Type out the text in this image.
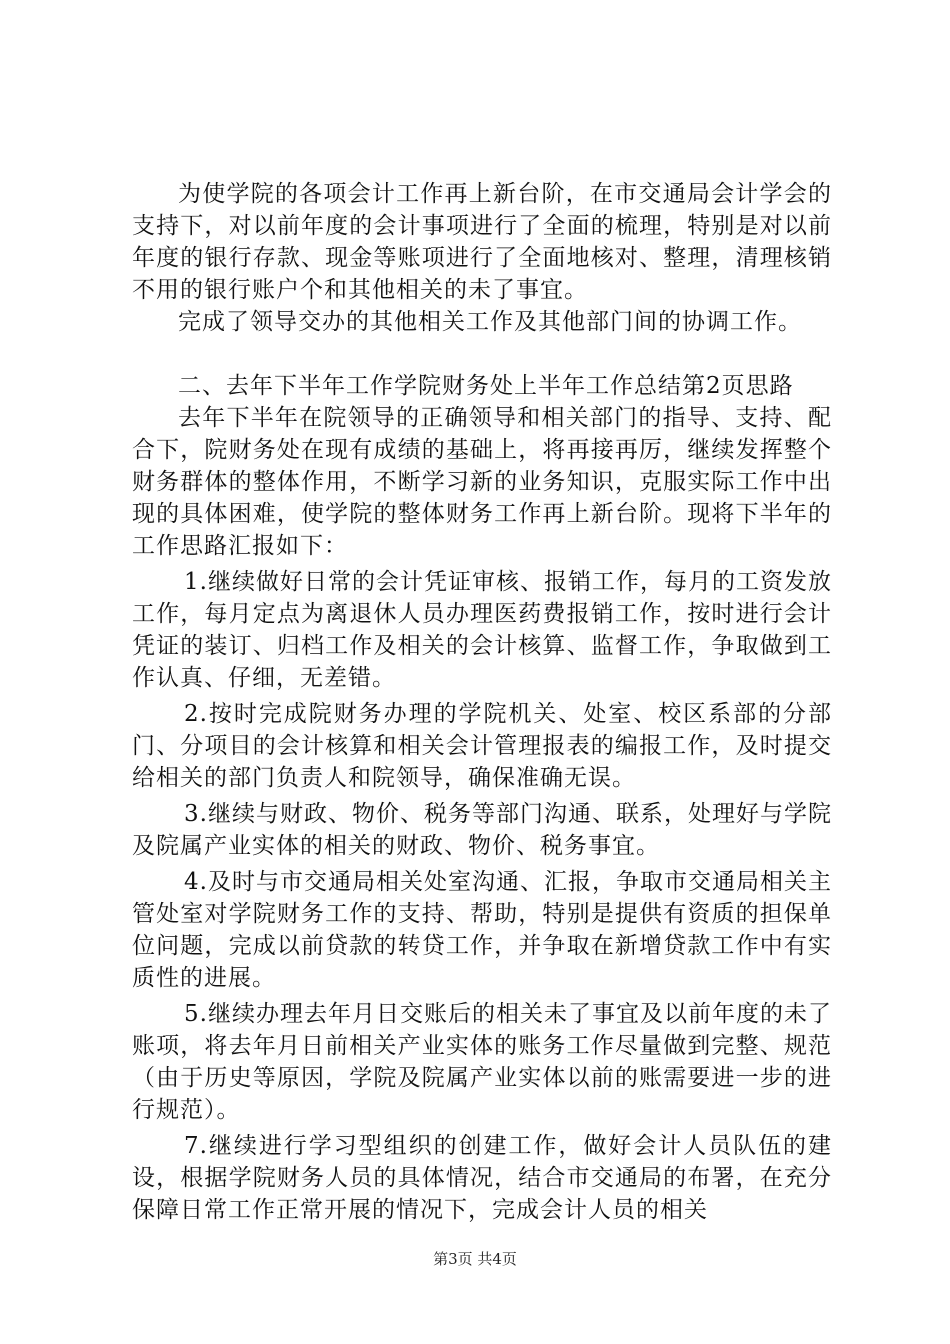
为使学院的各项会计工作再上新台阶，在市交通局会计学会的支持下，对以前年度的会计事项进行了全面的梳理，特别是对以前年度的银行存款、现金等账项进行了全面地核对、整理，清理核销不用的银行账户个和其他相关的未了事宜。

完成了领导交办的其他相关工作及其他部门间的协调工作。

二、去年下半年工作学院财务处上半年工作总结第2页思路

去年下半年在院领导的正确领导和相关部门的指导、支持、配合下，院财务处在现有成绩的基础上，将再接再厉，继续发挥整个财务群体的整体作用，不断学习新的业务知识，克服实际工作中出现的具体困难，使学院的整体财务工作再上新台阶。现将下半年的工作思路汇报如下：

1.继续做好日常的会计凭证审核、报销工作，每月的工资发放工作，每月定点为离退休人员办理医药费报销工作，按时进行会计凭证的装订、归档工作及相关的会计核算、监督工作，争取做到工作认真、仔细，无差错。

2.按时完成院财务办理的学院机关、处室、校区系部的分部门、分项目的会计核算和相关会计管理报表的编报工作，及时提交给相关的部门负责人和院领导，确保准确无误。

3.继续与财政、物价、税务等部门沟通、联系，处理好与学院及院属产业实体的相关的财政、物价、税务事宜。

4.及时与市交通局相关处室沟通、汇报，争取市交通局相关主管处室对学院财务工作的支持、帮助，特别是提供有资质的担保单位问题，完成以前贷款的转贷工作，并争取在新增贷款工作中有实质性的进展。

5.继续办理去年月日交账后的相关未了事宜及以前年度的未了账项，将去年月日前相关产业实体的账务工作尽量做到完整、规范（由于历史等原因，学院及院属产业实体以前的账需要进一步的进行规范）。

7.继续进行学习型组织的创建工作，做好会计人员队伍的建设，根据学院财务人员的具体情况，结合市交通局的布署，在充分保障日常工作正常开展的情况下，完成会计人员的相关

第3页 共4页
